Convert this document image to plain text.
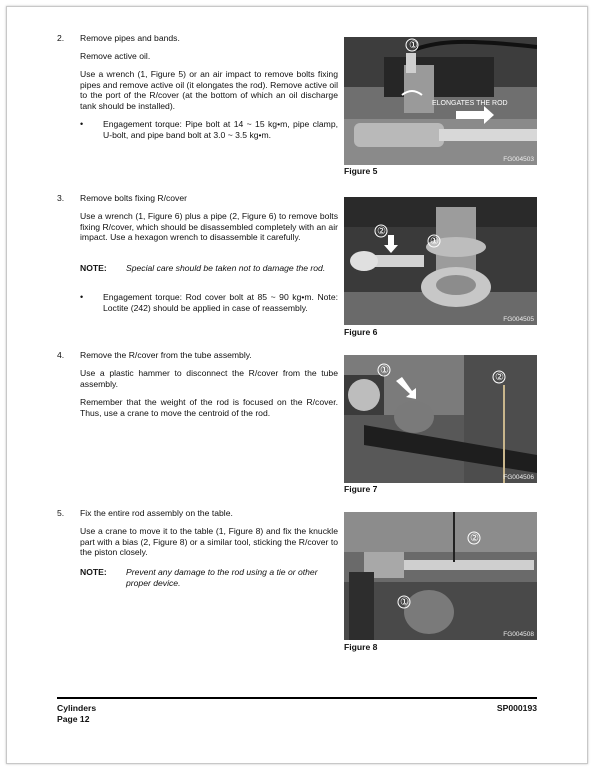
2. Remove pipes and bands.
Remove active oil.
Use a wrench (1, Figure 5) or an air impact to remove bolts fixing pipes and remove active oil (it elongates the rod). Remove active oil to the port of the R/cover (at the bottom of which an oil discharge tank should be installed).
• Engagement torque: Pipe bolt at 14 ~ 15 kg•m, pipe clamp, U-bolt, and pipe band bolt at 3.0 ~ 3.5 kg•m.
①
ELONGATES THE ROD
FG004503
Figure 5
3. Remove bolts fixing R/cover
Use a wrench (1, Figure 6) plus a pipe (2, Figure 6) to remove bolts fixing R/cover, which should be disassembled completely with an air impact. Use a hexagon wrench to disassemble it carefully.
NOTE: Special care should be taken not to damage the rod.
• Engagement torque: Rod cover bolt at 85 ~ 90 kg•m. Note: Loctite (242) should be applied in case of reassembly.
②
①
FG004505
Figure 6
4. Remove the R/cover from the tube assembly.
Use a plastic hammer to disconnect the R/cover from the tube assembly.
Remember that the weight of the rod is focused on the R/cover. Thus, use a crane to move the centroid of the rod.
①
②
FG004506
Figure 7
5. Fix the entire rod assembly on the table.
Use a crane to move it to the table (1, Figure 8) and fix the knuckle part with a bias (2, Figure 8) or a similar tool, sticking the R/cover to the piston closely.
NOTE: Prevent any damage to the rod using a tie or other proper device.
②
①
FG004508
Figure 8
Cylinders
Page 12
SP000193
